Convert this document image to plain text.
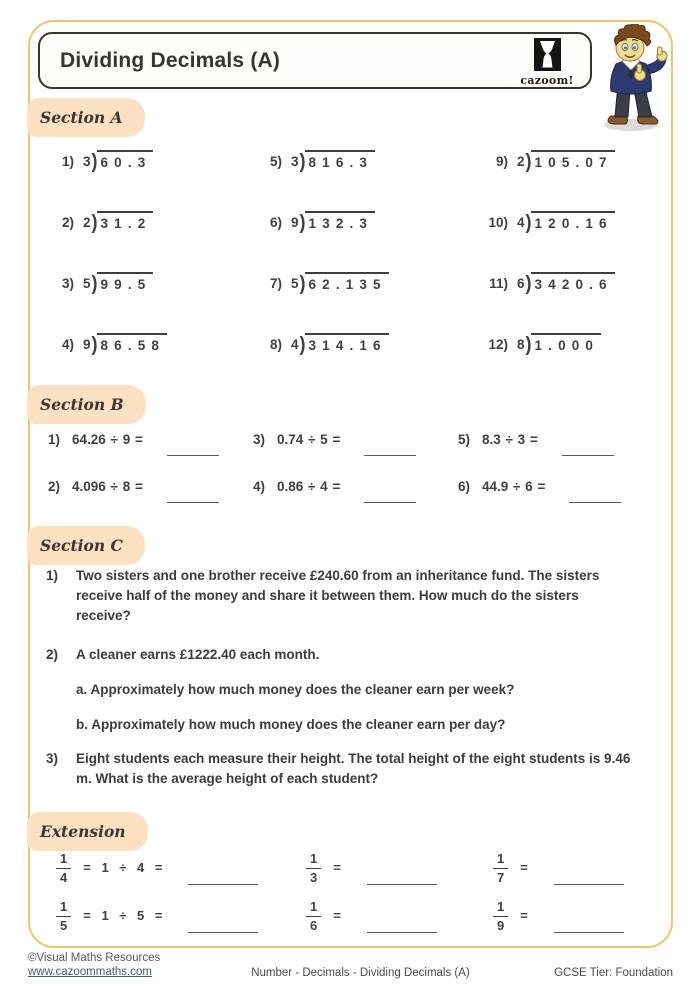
Dividing Decimals (A)
cazoom!
Section A
1) 3 ) 6 0 . 3	5) 3 ) 8 1 6 . 3	9) 2 ) 1 0 5 . 0 7
2) 2 ) 3 1 . 2	6) 9 ) 1 3 2 . 3	10) 4 ) 1 2 0 . 1 6
3) 5 ) 9 9 . 5	7) 5 ) 6 2 . 1 3 5	11) 6 ) 3 4 2 0 . 6
4) 9 ) 8 6 . 5 8	8) 4 ) 3 1 4 . 1 6	12) 8 ) 1 . 0 0 0
Section B
1) 64.26 ÷ 9 =	3) 0.74 ÷ 5 =	5) 8.3 ÷ 3 =
2) 4.096 ÷ 8 =	4) 0.86 ÷ 4 =	6) 44.9 ÷ 6 =
Section C
1)	Two sisters and one brother receive £240.60 from an inheritance fund. The sisters receive half of the money and share it between them. How much do the sisters receive?
2)	A cleaner earns £1222.40 each month.
a. Approximately how much money does the cleaner earn per week?
b. Approximately how much money does the cleaner earn per day?
3)	Eight students each measure their height. The total height of the eight students is 9.46 m. What is the average height of each student?
Extension
$\frac{1}{4} = 1 \div 4$ =	$\frac{1}{3}$ =	$\frac{1}{7}$ =
$\frac{1}{5} = 1 \div 5$ =	$\frac{1}{6}$ =	$\frac{1}{9}$ =
©Visual Maths Resources
www.cazoommaths.com	Number - Decimals - Dividing Decimals (A)	GCSE Tier: Foundation
